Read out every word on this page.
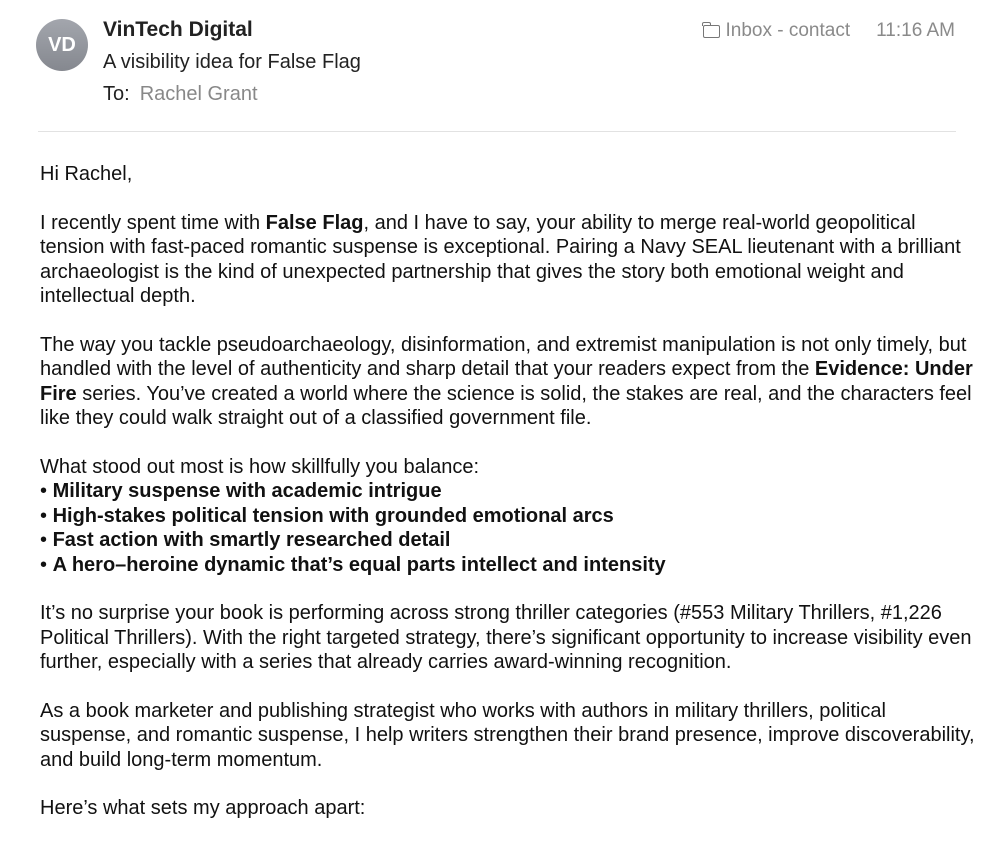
VD
VinTech Digital
A visibility idea for False Flag
To: Rachel Grant
Inbox - contact 11:16 AM

Hi Rachel,

I recently spent time with False Flag, and I have to say, your ability to merge real-world geopolitical tension with fast-paced romantic suspense is exceptional. Pairing a Navy SEAL lieutenant with a brilliant archaeologist is the kind of unexpected partnership that gives the story both emotional weight and intellectual depth.

The way you tackle pseudoarchaeology, disinformation, and extremist manipulation is not only timely, but handled with the level of authenticity and sharp detail that your readers expect from the Evidence: Under Fire series. You’ve created a world where the science is solid, the stakes are real, and the characters feel like they could walk straight out of a classified government file.

What stood out most is how skillfully you balance:
• Military suspense with academic intrigue
• High-stakes political tension with grounded emotional arcs
• Fast action with smartly researched detail
• A hero–heroine dynamic that’s equal parts intellect and intensity

It’s no surprise your book is performing across strong thriller categories (#553 Military Thrillers, #1,226 Political Thrillers). With the right targeted strategy, there’s significant opportunity to increase visibility even further, especially with a series that already carries award-winning recognition.

As a book marketer and publishing strategist who works with authors in military thrillers, political suspense, and romantic suspense, I help writers strengthen their brand presence, improve discoverability, and build long-term momentum.

Here’s what sets my approach apart:
